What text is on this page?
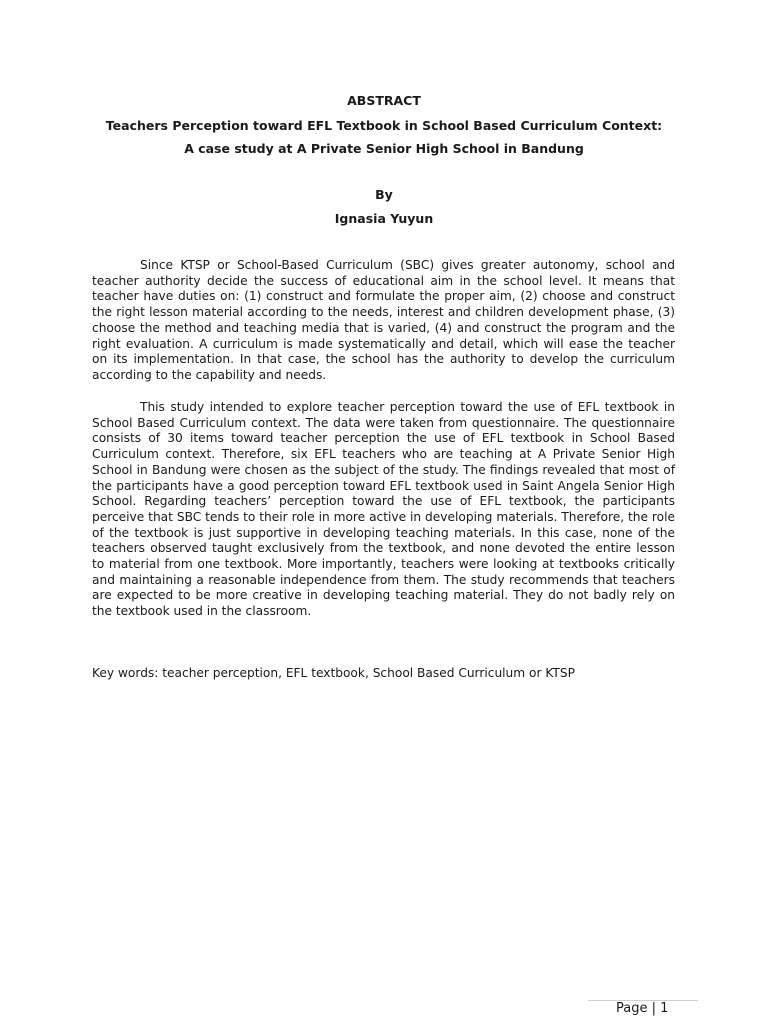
ABSTRACT
Teachers Perception toward EFL Textbook in School Based Curriculum Context:
A case study at A Private Senior High School in Bandung
By
Ignasia Yuyun

Since KTSP or School-Based Curriculum (SBC) gives greater autonomy, school and teacher authority decide the success of educational aim in the school level. It means that teacher have duties on: (1) construct and formulate the proper aim, (2) choose and construct the right lesson material according to the needs, interest and children development phase, (3) choose the method and teaching media that is varied, (4) and construct the program and the right evaluation. A curriculum is made systematically and detail, which will ease the teacher on its implementation. In that case, the school has the authority to develop the curriculum according to the capability and needs.

This study intended to explore teacher perception toward the use of EFL textbook in School Based Curriculum context. The data were taken from questionnaire. The questionnaire consists of 30 items toward teacher perception the use of EFL textbook in School Based Curriculum context. Therefore, six EFL teachers who are teaching at A Private Senior High School in Bandung were chosen as the subject of the study. The findings revealed that most of the participants have a good perception toward EFL textbook used in Saint Angela Senior High School. Regarding teachers’ perception toward the use of EFL textbook, the participants perceive that SBC tends to their role in more active in developing materials. Therefore, the role of the textbook is just supportive in developing teaching materials. In this case, none of the teachers observed taught exclusively from the textbook, and none devoted the entire lesson to material from one textbook. More importantly, teachers were looking at textbooks critically and maintaining a reasonable independence from them. The study recommends that teachers are expected to be more creative in developing teaching material. They do not badly rely on the textbook used in the classroom.

Key words: teacher perception, EFL textbook, School Based Curriculum or KTSP
Page | 1
